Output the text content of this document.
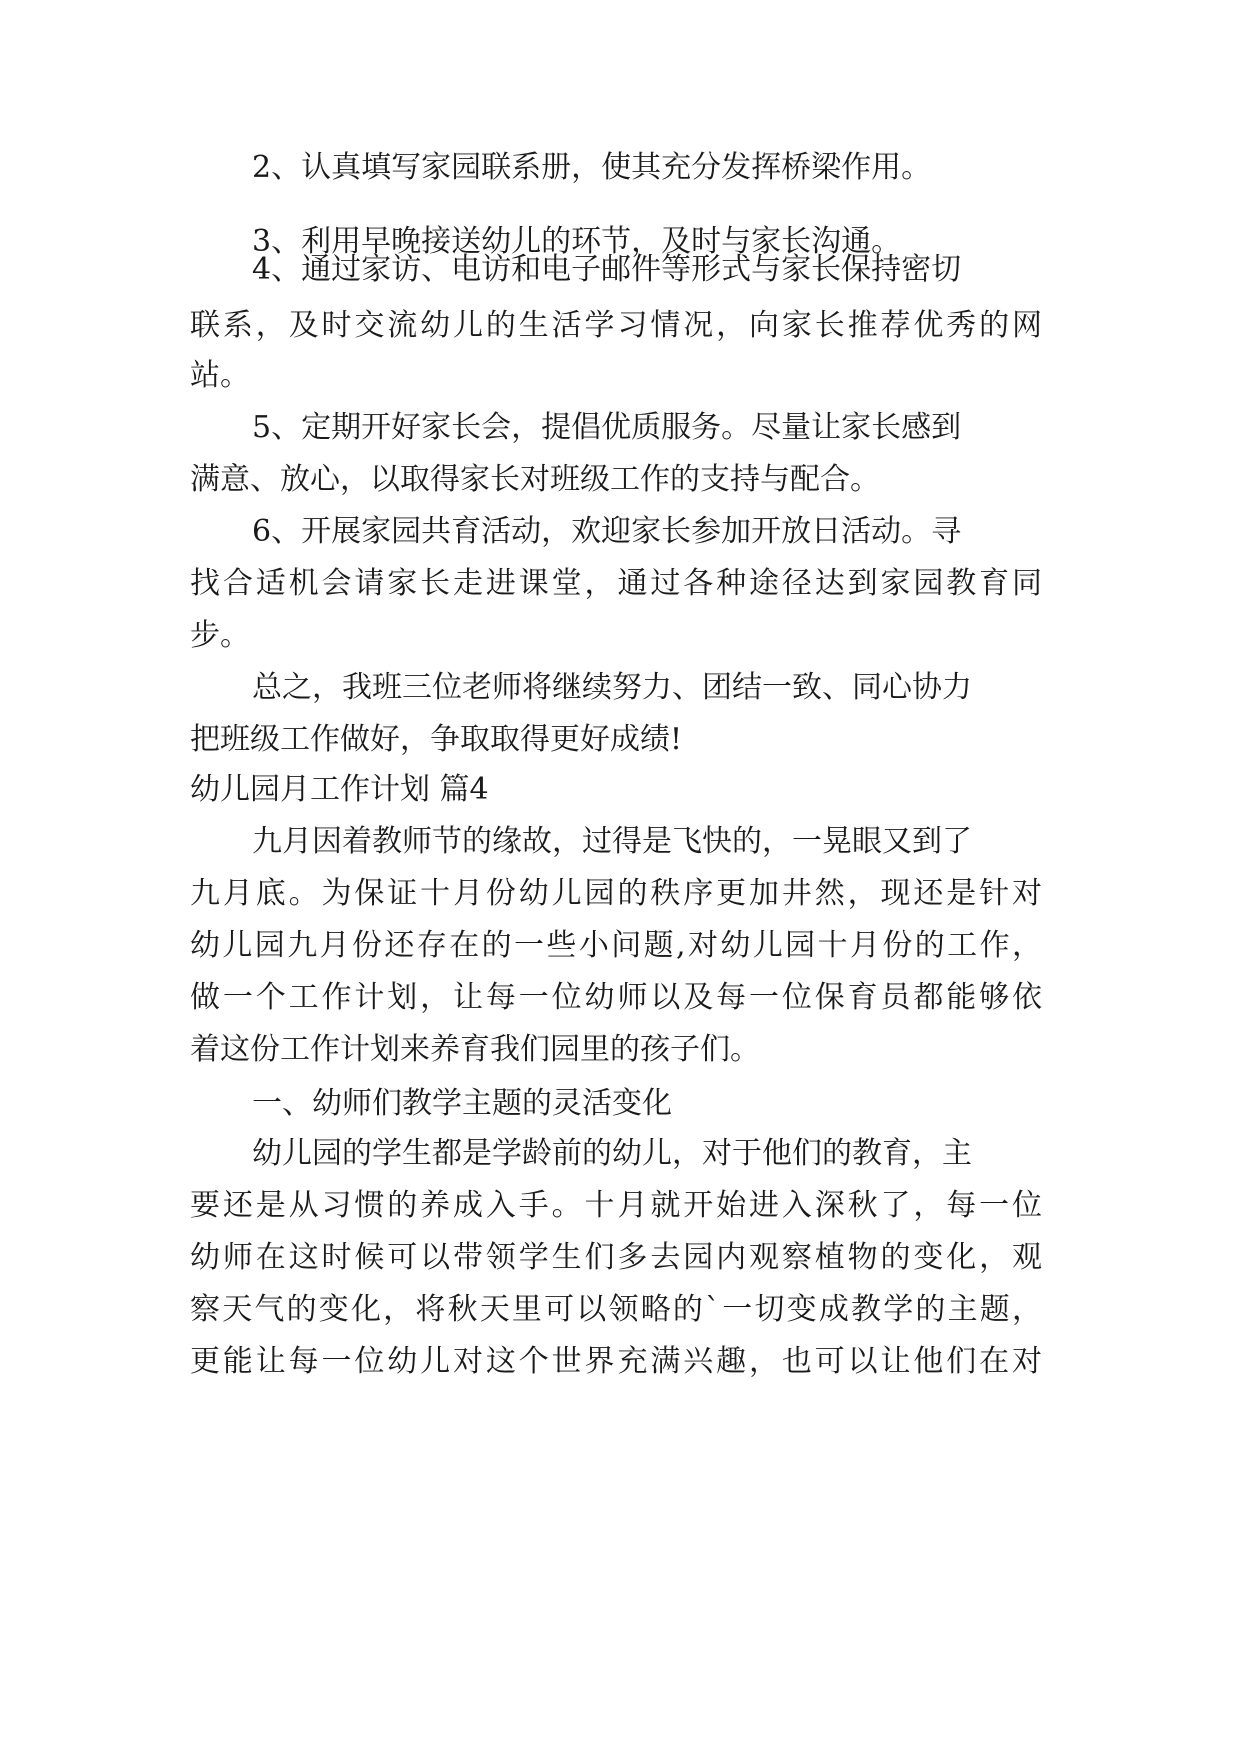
2、认真填写家园联系册，使其充分发挥桥梁作用。
3、利用早晚接送幼儿的环节，及时与家长沟通。
4、通过家访、电访和电子邮件等形式与家长保持密切
联系，及时交流幼儿的生活学习情况，向家长推荐优秀的网
站。
5、定期开好家长会，提倡优质服务。尽量让家长感到
满意、放心，以取得家长对班级工作的支持与配合。
6、开展家园共育活动，欢迎家长参加开放日活动。寻
找合适机会请家长走进课堂，通过各种途径达到家园教育同
步。
总之，我班三位老师将继续努力、团结一致、同心协力
把班级工作做好，争取取得更好成绩!
幼儿园月工作计划 篇4
九月因着教师节的缘故，过得是飞快的，一晃眼又到了
九月底。为保证十月份幼儿园的秩序更加井然，现还是针对
幼儿园九月份还存在的一些小问题,对幼儿园十月份的工作，
做一个工作计划，让每一位幼师以及每一位保育员都能够依
着这份工作计划来养育我们园里的孩子们。
一、幼师们教学主题的灵活变化
幼儿园的学生都是学龄前的幼儿，对于他们的教育，主
要还是从习惯的养成入手。十月就开始进入深秋了，每一位
幼师在这时候可以带领学生们多去园内观察植物的变化，观
察天气的变化，将秋天里可以领略的`一切变成教学的主题，
更能让每一位幼儿对这个世界充满兴趣，也可以让他们在对
